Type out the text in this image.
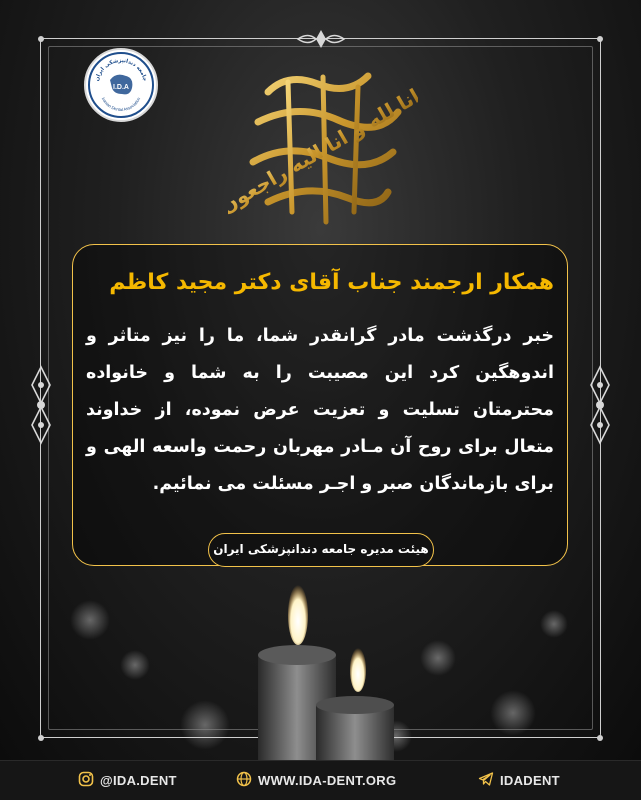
جامعه دندانپزشکی ایران
I.D.A
Iranian Dental Association	انا لله و انا الیه راجعون
همکار ارجمند جناب آقای دکتر مجید کاظم
خبر درگذشت مادر گرانقدر شما، ما را نیز متاثر و اندوهگین کرد این مصیبت را به شما و خانواده محترمتان تسلیت و تعزیت عرض نموده، از خداوند متعال برای روح آن مـادر مهربان رحمت واسعه الهی و برای بازماندگان صبر و اجـر مسئلت می نمائیم.
هیئت مدیره جامعه دندانپزشکی ایران
@IDA.DENT	WWW.IDA-DENT.ORG	IDADENT
